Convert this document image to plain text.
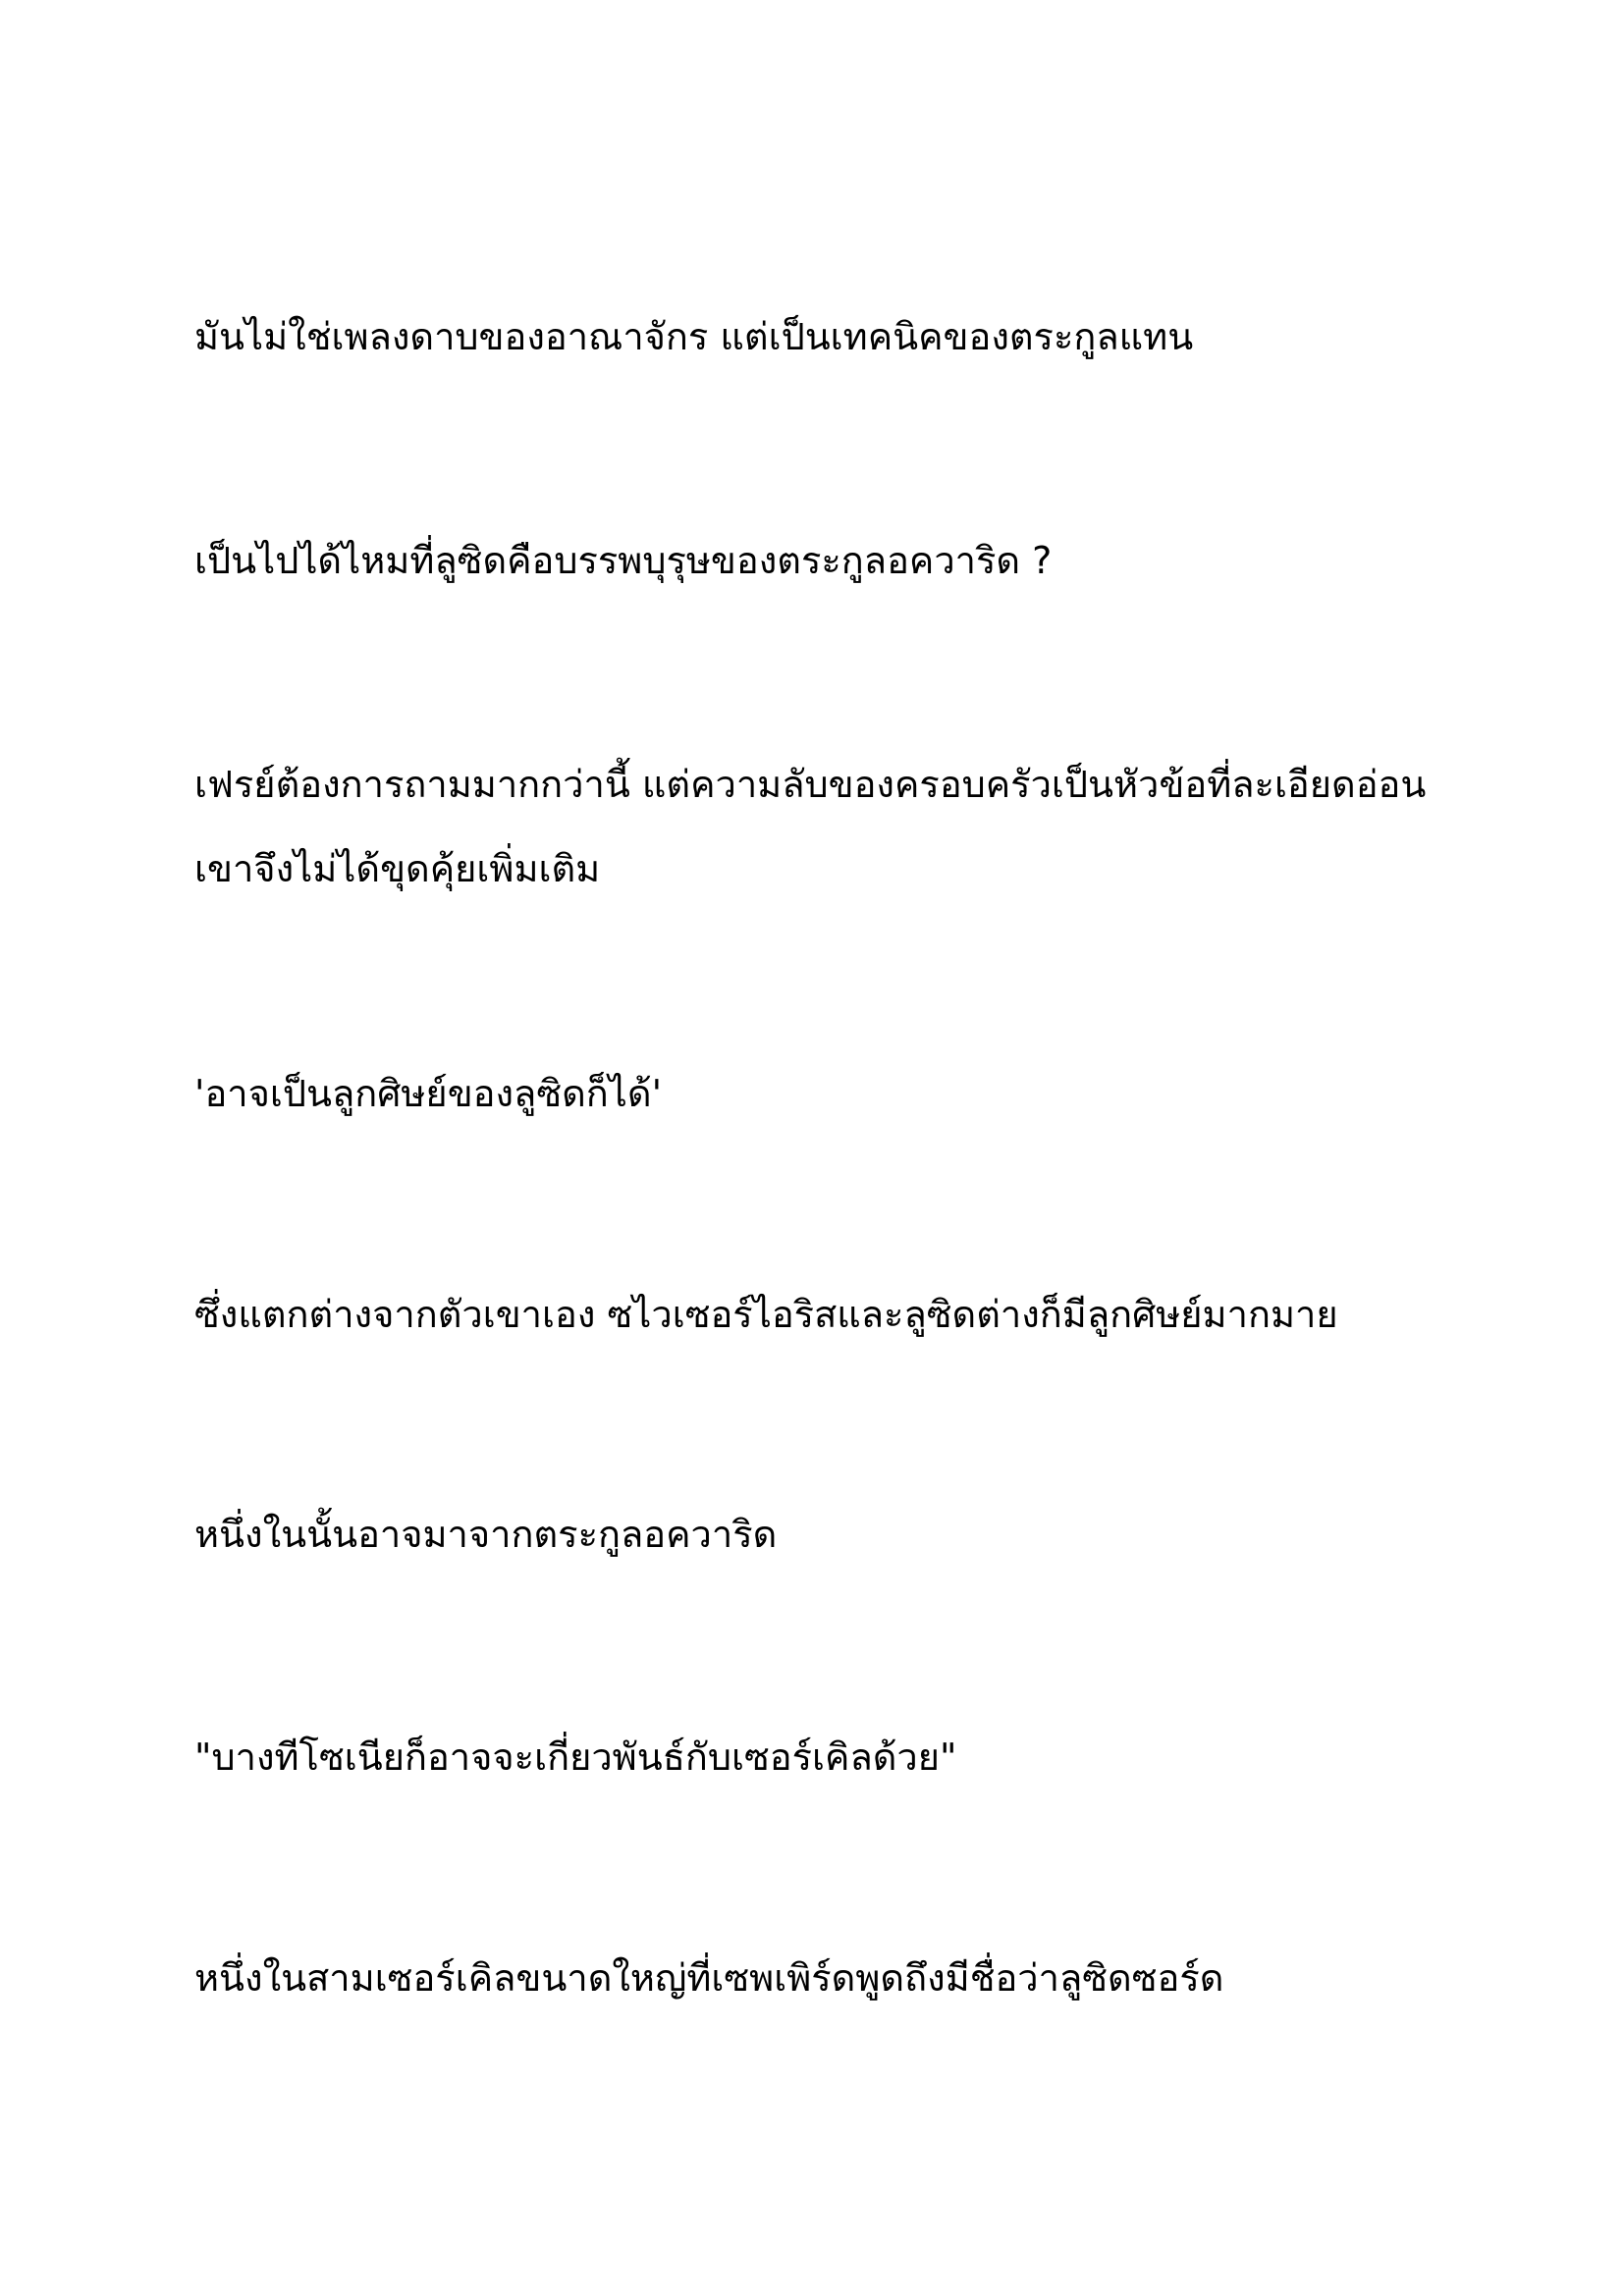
มันไม่ใช่เพลงดาบของอาณาจักร แต่เป็นเทคนิคของตระกูลแทน

เป็นไปได้ไหมที่ลูซิดคือบรรพบุรุษของตระกูลอควาริด ?

เฟรย์ต้องการถามมากกว่านี้ แต่ความลับของครอบครัวเป็นหัวข้อที่ละเอียดอ่อนเขาจึงไม่ได้ขุดคุ้ยเพิ่มเติม

'อาจเป็นลูกศิษย์ของลูซิดก็ได้'

ซึ่งแตกต่างจากตัวเขาเอง ซไวเซอร์ไอริสและลูซิดต่างก็มีลูกศิษย์มากมาย

หนึ่งในนั้นอาจมาจากตระกูลอควาริด

"บางทีโซเนียก็อาจจะเกี่ยวพันธ์กับเซอร์เคิลด้วย"

หนึ่งในสามเซอร์เคิลขนาดใหญ่ที่เซพเพิร์ดพูดถึงมีชื่อว่าลูซิดซอร์ด
